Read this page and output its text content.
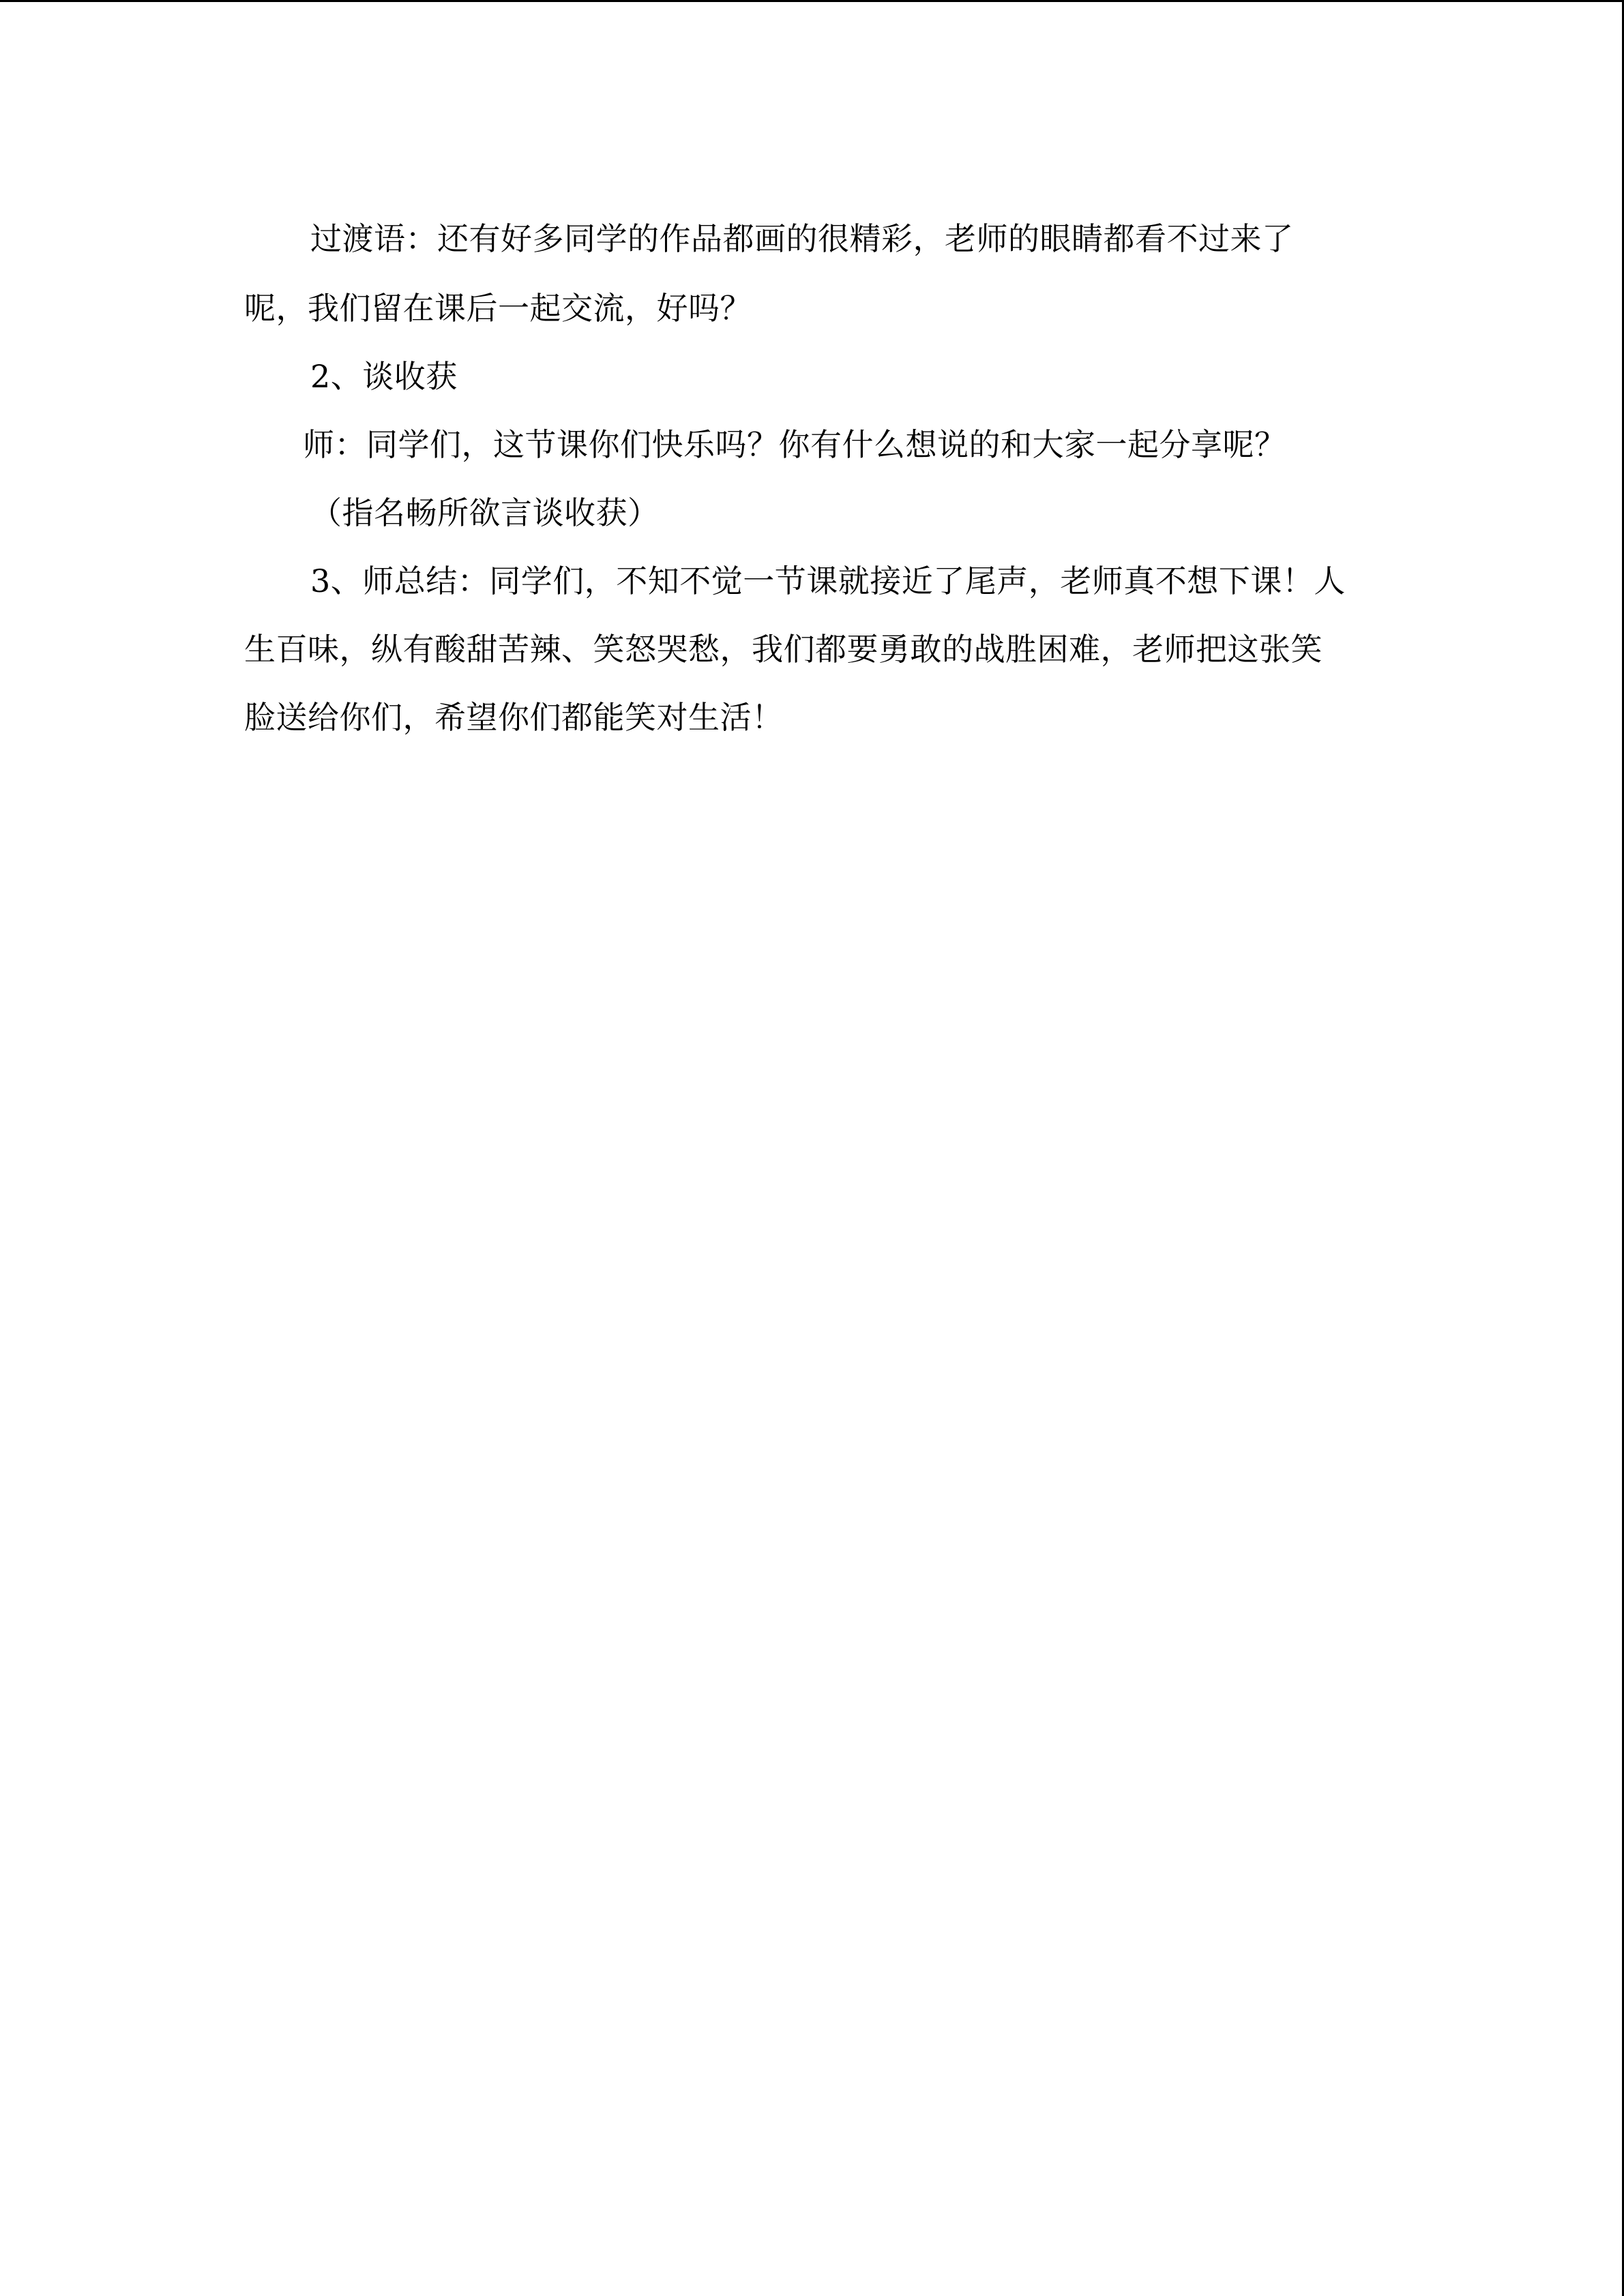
过渡语：还有好多同学的作品都画的很精彩，老师的眼睛都看不过来了
呢，我们留在课后一起交流，好吗？
2、谈收获
师：同学们，这节课你们快乐吗？你有什么想说的和大家一起分享呢？
（指名畅所欲言谈收获）
3、师总结：同学们，不知不觉一节课就接近了尾声，老师真不想下课！人
生百味，纵有酸甜苦辣、笑怒哭愁，我们都要勇敢的战胜困难，老师把这张笑
脸送给你们，希望你们都能笑对生活！
